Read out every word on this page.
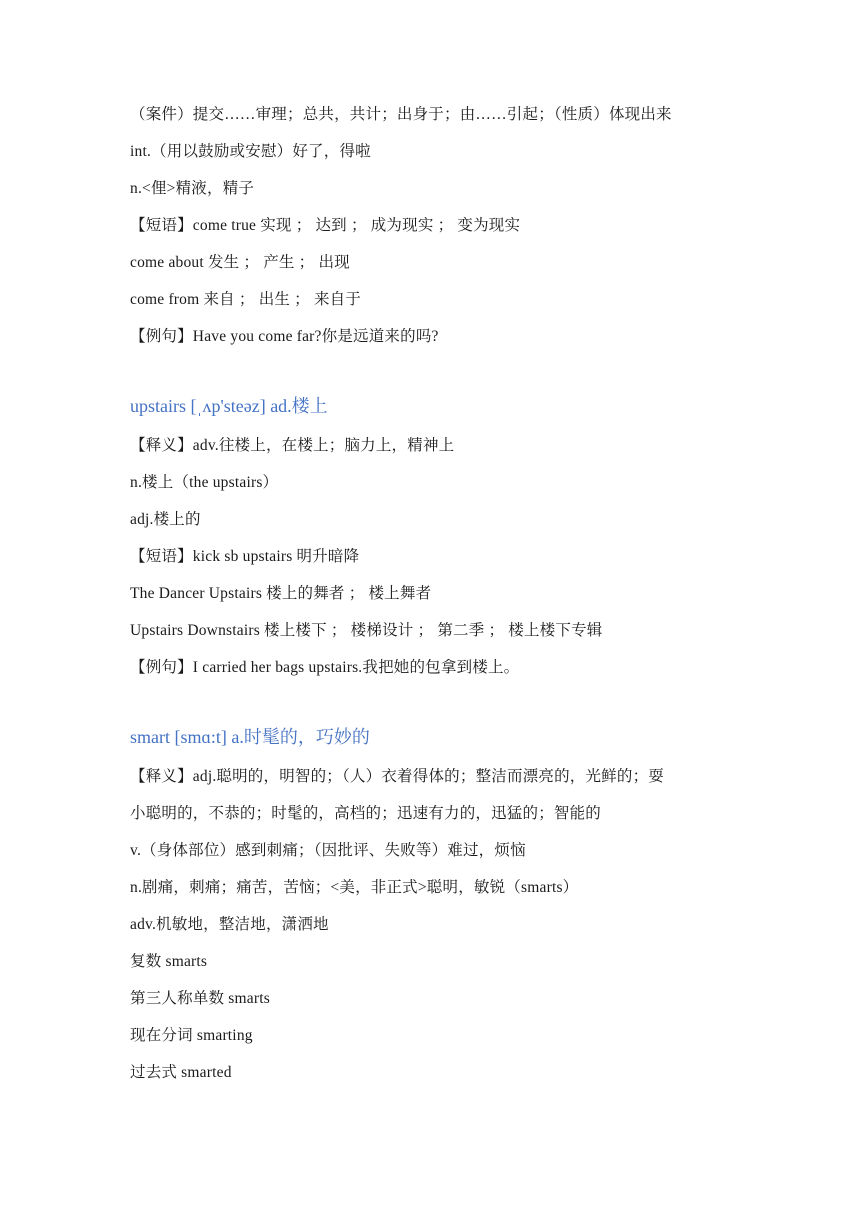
（案件）提交……审理；总共，共计；出身于；由……引起；（性质）体现出来
int.（用以鼓励或安慰）好了，得啦
n.<俚>精液，精子
【短语】come true 实现 ； 达到 ； 成为现实 ； 变为现实
come about 发生 ； 产生 ； 出现
come from 来自 ； 出生 ； 来自于
【例句】Have you come far?你是远道来的吗?
upstairs [ˌʌp'steəz] ad.楼上
【释义】adv.往楼上，在楼上；脑力上，精神上
n.楼上（the upstairs）
adj.楼上的
【短语】kick sb upstairs 明升暗降
The Dancer Upstairs 楼上的舞者 ； 楼上舞者
Upstairs Downstairs 楼上楼下 ； 楼梯设计 ； 第二季 ； 楼上楼下专辑
【例句】I carried her bags upstairs.我把她的包拿到楼上。
smart [smɑ:t] a.时髦的，巧妙的
【释义】adj.聪明的，明智的；（人）衣着得体的；整洁而漂亮的，光鲜的；耍
小聪明的，不恭的；时髦的，高档的；迅速有力的，迅猛的；智能的
v.（身体部位）感到刺痛；（因批评、失败等）难过，烦恼
n.剧痛，刺痛；痛苦，苦恼；<美，非正式>聪明，敏锐（smarts）
adv.机敏地，整洁地，潇洒地
复数 smarts
第三人称单数 smarts
现在分词 smarting
过去式 smarted
